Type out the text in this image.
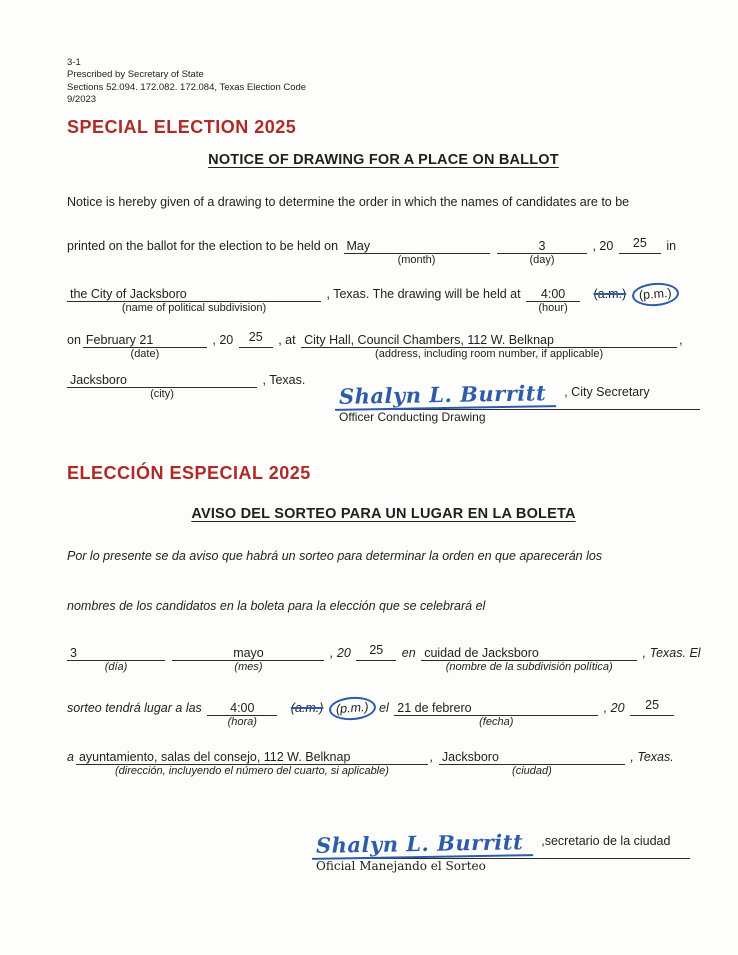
3-1
Prescribed by Secretary of State
Sections 52.094. 172.082. 172.084, Texas Election Code
9/2023
SPECIAL ELECTION 2025
NOTICE OF DRAWING FOR A PLACE ON BALLOT
Notice is hereby given of a drawing to determine the order in which the names of candidates are to be
printed on the ballot for the election to be held on May
(month)
3
(day)
, 20 25 in
the City of Jacksboro
(name of political subdivision)
, Texas. The drawing will be held at 4:00
(hour)
(a.m.) (p.m.)
on February 21
(date)
, 20 25 , at City Hall, Council Chambers, 112 W. Belknap
(address, including room number, if applicable)
,
Jacksboro
(city)
, Texas.
Shalyn L. Burritt , City Secretary
Officer Conducting Drawing
ELECCIÓN ESPECIAL 2025
AVISO DEL SORTEO PARA UN LUGAR EN LA BOLETA
Por lo presente se da aviso que habrá un sorteo para determinar la orden en que aparecerán los
nombres de los candidatos en la boleta para la elección que se celebrará el
3
(día)
mayo
(mes)
, 20 25 en cuidad de Jacksboro
(nombre de la subdivisión política)
, Texas. El
sorteo tendrá lugar a las 4:00
(hora)
(a.m.) (p.m.) el 21 de febrero
(fecha)
, 20 25
a ayuntamiento, salas del consejo, 112 W. Belknap
(dirección, incluyendo el número del cuarto, si aplicable)
, Jacksboro
(ciudad)
, Texas.
Shalyn L. Burritt ,secretario de la ciudad
Oficial Manejando el Sorteo
